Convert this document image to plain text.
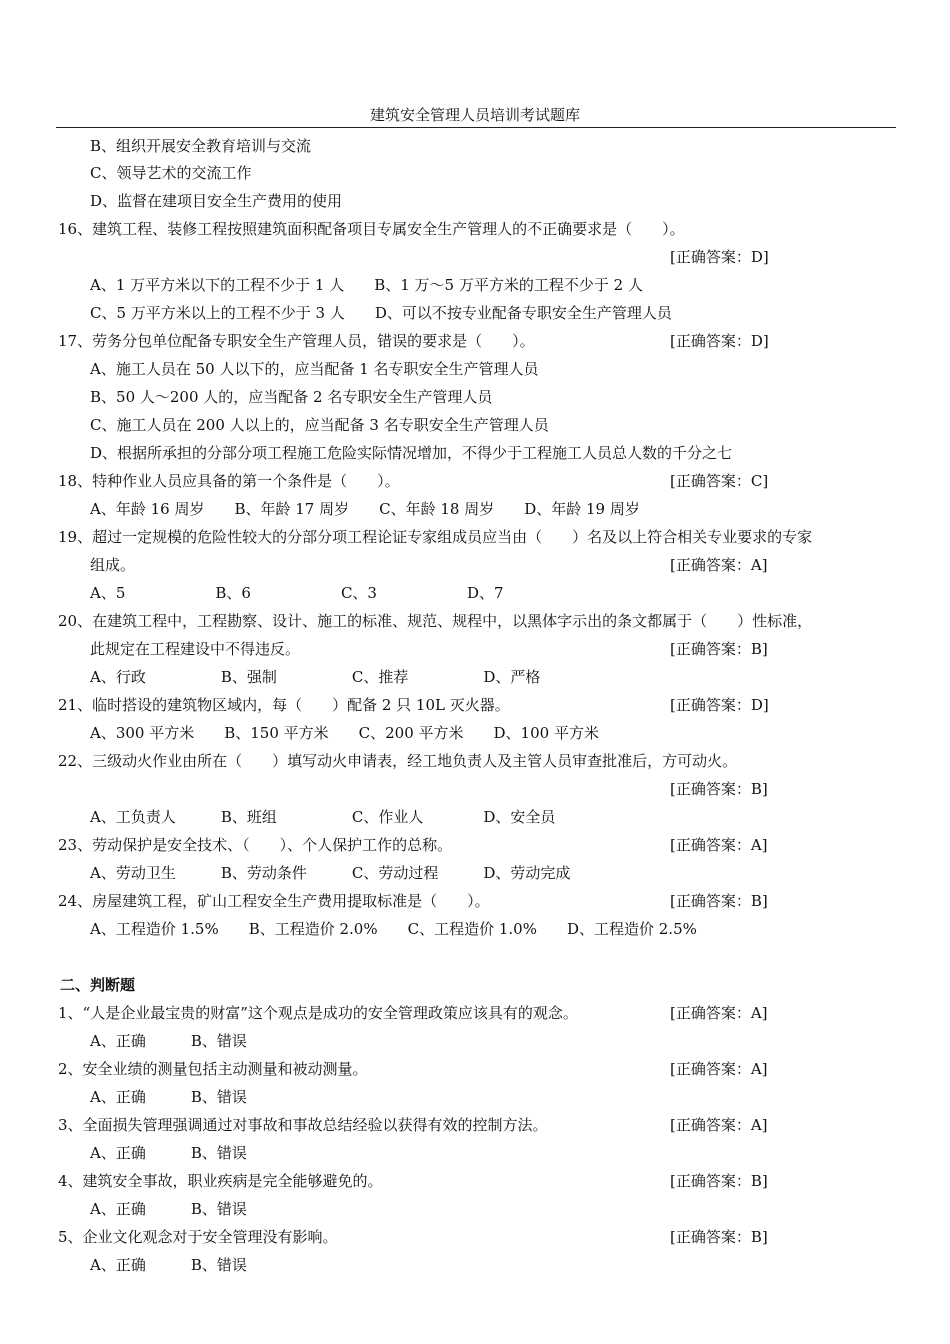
建筑安全管理人员培训考试题库
B、组织开展安全教育培训与交流
C、领导艺术的交流工作
D、监督在建项目安全生产费用的使用
16、建筑工程、装修工程按照建筑面积配备项目专属安全生产管理人的不正确要求是（　　）。
C、5 万平方米以上的工程不少于 3 人　　D、可以不按专业配备专职安全生产管理人员
A、1 万平方米以下的工程不少于 1 人　　B、1 万～5 万平方米的工程不少于 2 人
17、劳务分包单位配备专职安全生产管理人员，错误的要求是（　　）。
A、施工人员在 50 人以下的，应当配备 1 名专职安全生产管理人员
B、50 人～200 人的，应当配备 2 名专职安全生产管理人员
C、施工人员在 200 人以上的，应当配备 3 名专职安全生产管理人员
D、根据所承担的分部分项工程施工危险实际情况增加，不得少于工程施工人员总人数的千分之七
18、特种作业人员应具备的第一个条件是（　　）。
A、年龄 16 周岁　　B、年龄 17 周岁　　C、年龄 18 周岁　　D、年龄 19 周岁
19、超过一定规模的危险性较大的分部分项工程论证专家组成员应当由（　　）名及以上符合相关专业要求的专家
组成。
A、5　　　　　　B、6　　　　　　C、3　　　　　　D、7
20、在建筑工程中，工程勘察、设计、施工的标准、规范、规程中，以黑体字示出的条文都属于（　　）性标准，
此规定在工程建设中不得违反。
A、行政　　　　　B、强制　　　　　C、推荐　　　　　D、严格
21、临时搭设的建筑物区域内，每（　　）配备 2 只 10L 灭火器。
A、300 平方米　　B、150 平方米　　C、200 平方米　　D、100 平方米
22、三级动火作业由所在（　　）填写动火申请表，经工地负责人及主管人员审查批准后，方可动火。
A、工负责人　　　B、班组　　　　　C、作业人　　　　D、安全员
23、劳动保护是安全技术、（　　）、个人保护工作的总称。
A、劳动卫生　　　B、劳动条件　　　C、劳动过程　　　D、劳动完成
24、房屋建筑工程，矿山工程安全生产费用提取标准是（　　）。
A、工程造价 1.5%　　B、工程造价 2.0%　　C、工程造价 1.0%　　D、工程造价 2.5%
1、“人是企业最宝贵的财富”这个观点是成功的安全管理政策应该具有的观念。
A、正确　　　B、错误
2、安全业绩的测量包括主动测量和被动测量。
A、正确　　　B、错误
3、全面损失管理强调通过对事故和事故总结经验以获得有效的控制方法。
A、正确　　　B、错误
4、建筑安全事故，职业疾病是完全能够避免的。
A、正确　　　B、错误
5、企业文化观念对于安全管理没有影响。
A、正确　　　B、错误
[正确答案：D]
[正确答案：D]
[正确答案：C]
[正确答案：A]
[正确答案：B]
[正确答案：D]
[正确答案：B]
[正确答案：A]
[正确答案：B]
[正确答案：A]
[正确答案：A]
[正确答案：A]
[正确答案：B]
[正确答案：B]
二、判断题
